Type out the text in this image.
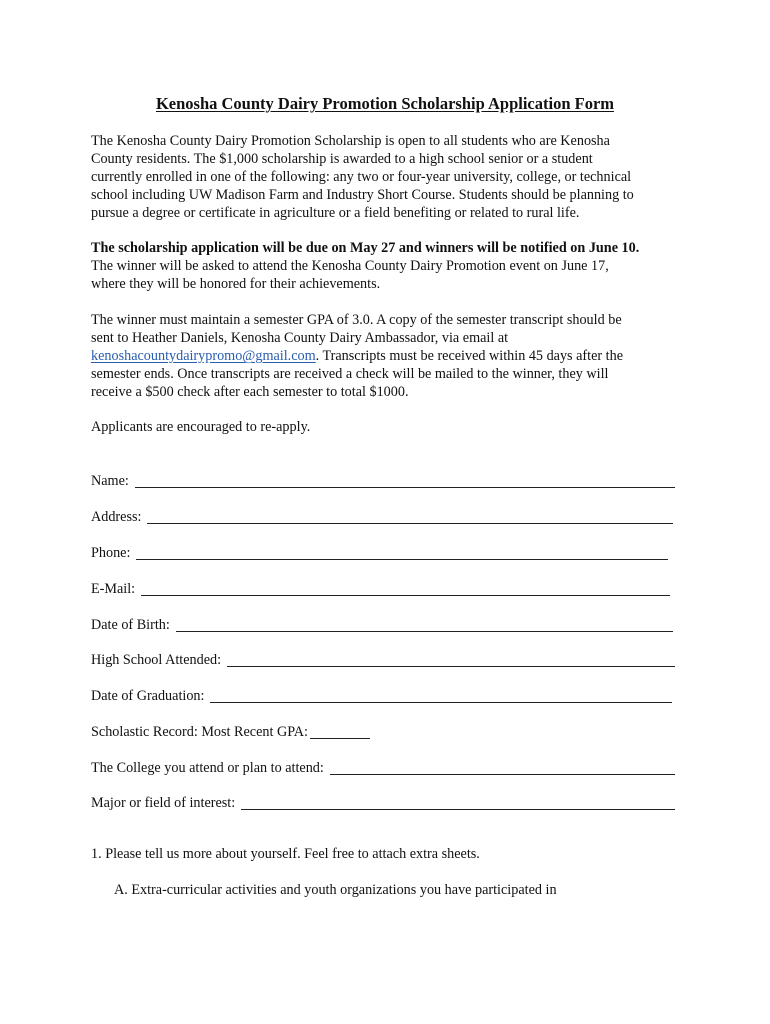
Kenosha County Dairy Promotion Scholarship Application Form
The Kenosha County Dairy Promotion Scholarship is open to all students who are Kenosha
County residents. The $1,000 scholarship is awarded to a high school senior or a student
currently enrolled in one of the following: any two or four-year university, college, or technical
school including UW Madison Farm and Industry Short Course. Students should be planning to
pursue a degree or certificate in agriculture or a field benefiting or related to rural life.
The scholarship application will be due on May 27 and winners will be notified on June 10.
The winner will be asked to attend the Kenosha County Dairy Promotion event on June 17,
where they will be honored for their achievements.
The winner must maintain a semester GPA of 3.0. A copy of the semester transcript should be
sent to Heather Daniels, Kenosha County Dairy Ambassador, via email at
kenoshacountydairypromo@gmail.com. Transcripts must be received within 45 days after the
semester ends. Once transcripts are received a check will be mailed to the winner, they will
receive a $500 check after each semester to total $1000.
Applicants are encouraged to re-apply.
Name:
Address:
Phone:
E-Mail:
Date of Birth:
High School Attended:
Date of Graduation:
Scholastic Record: Most Recent GPA:
The College you attend or plan to attend:
Major or field of interest:
1. Please tell us more about yourself. Feel free to attach extra sheets.
A. Extra-curricular activities and youth organizations you have participated in
